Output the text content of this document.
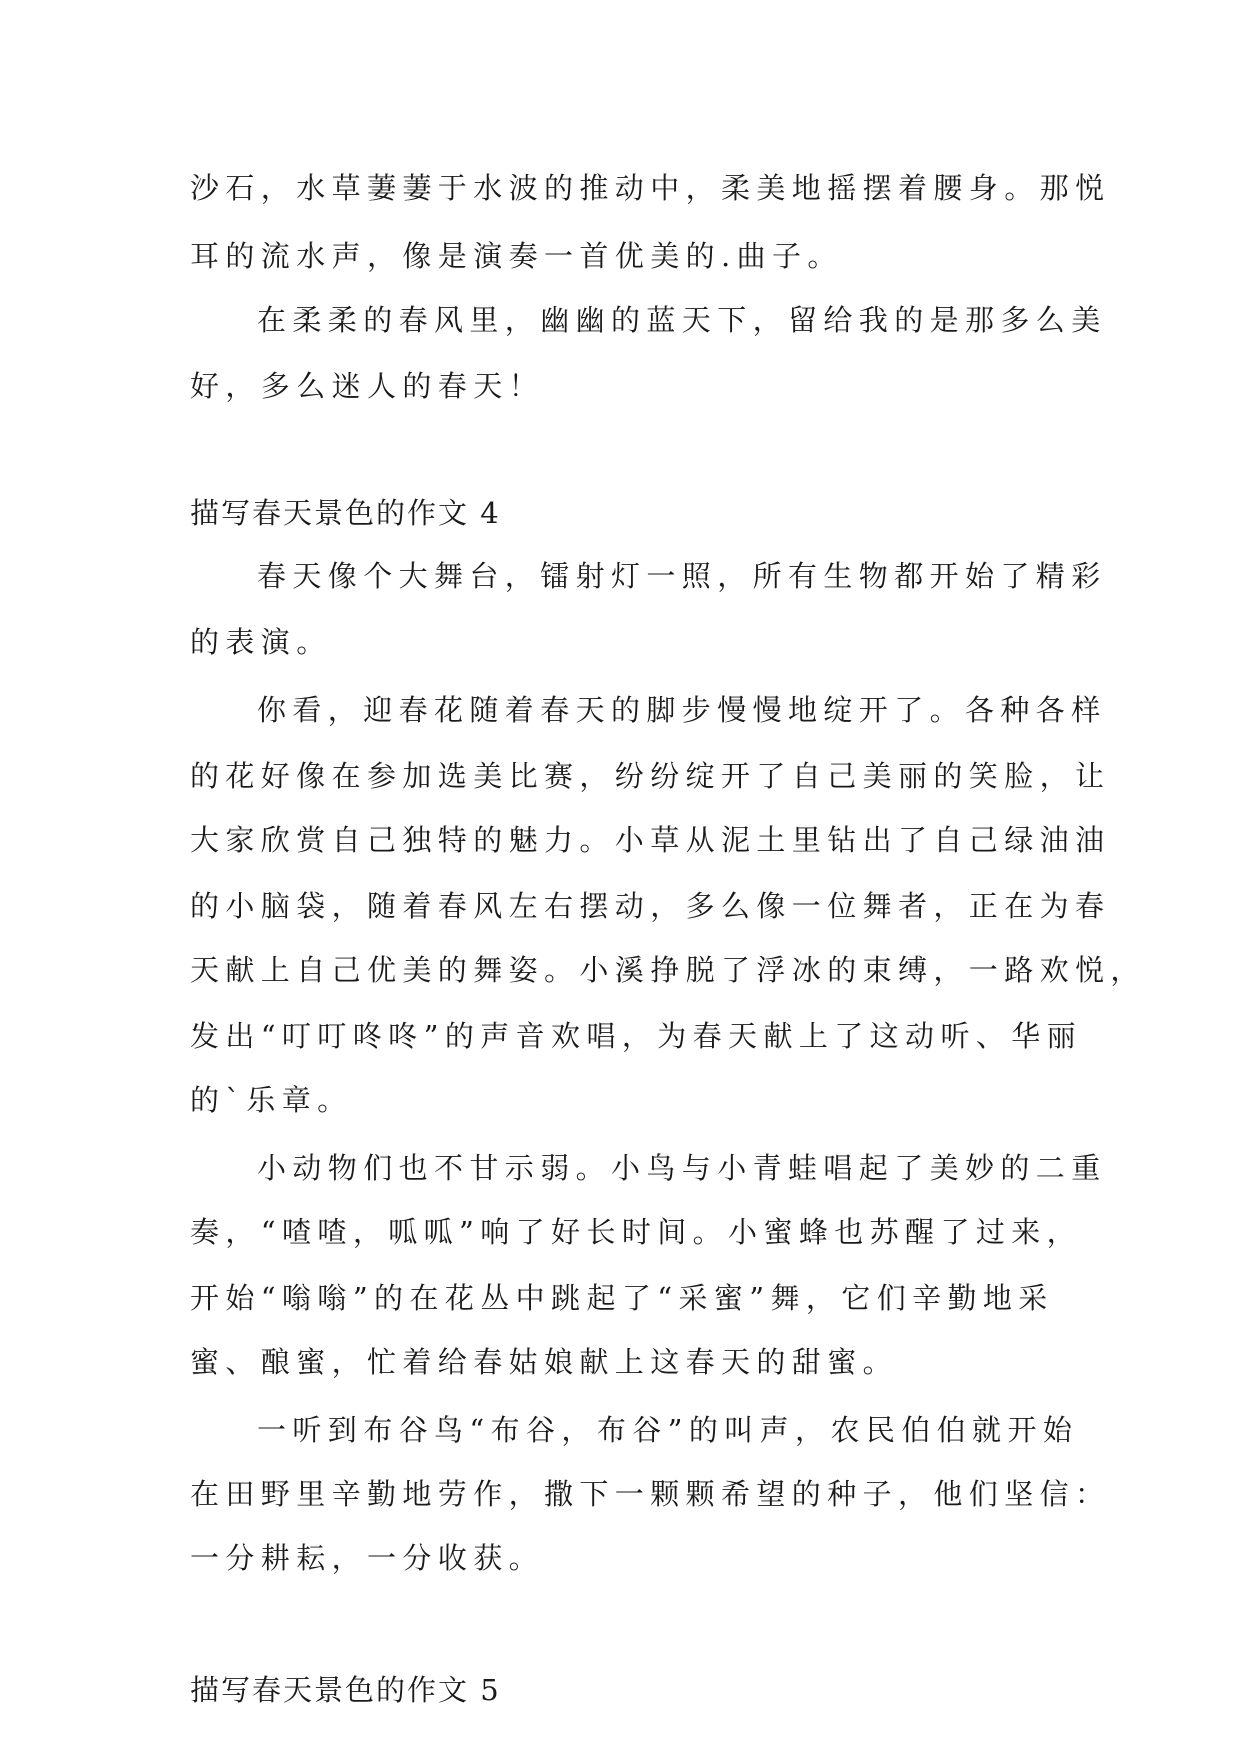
沙石，水草萋萋于水波的推动中，柔美地摇摆着腰身。那悦
耳的流水声，像是演奏一首优美的.曲子。
在柔柔的春风里，幽幽的蓝天下，留给我的是那多么美
好，多么迷人的春天！
描写春天景色的作文 4
春天像个大舞台，镭射灯一照，所有生物都开始了精彩
的表演。
你看，迎春花随着春天的脚步慢慢地绽开了。各种各样
的花好像在参加选美比赛，纷纷绽开了自己美丽的笑脸，让
大家欣赏自己独特的魅力。小草从泥土里钻出了自己绿油油
的小脑袋，随着春风左右摆动，多么像一位舞者，正在为春
天献上自己优美的舞姿。小溪挣脱了浮冰的束缚，一路欢悦，
发出“叮叮咚咚”的声音欢唱，为春天献上了这动听、华丽
的`乐章。
小动物们也不甘示弱。小鸟与小青蛙唱起了美妙的二重
奏，“喳喳，呱呱”响了好长时间。小蜜蜂也苏醒了过来，
开始“嗡嗡”的在花丛中跳起了“采蜜”舞，它们辛勤地采
蜜、酿蜜，忙着给春姑娘献上这春天的甜蜜。
一听到布谷鸟“布谷，布谷”的叫声，农民伯伯就开始
在田野里辛勤地劳作，撒下一颗颗希望的种子，他们坚信：
一分耕耘，一分收获。
描写春天景色的作文 5
